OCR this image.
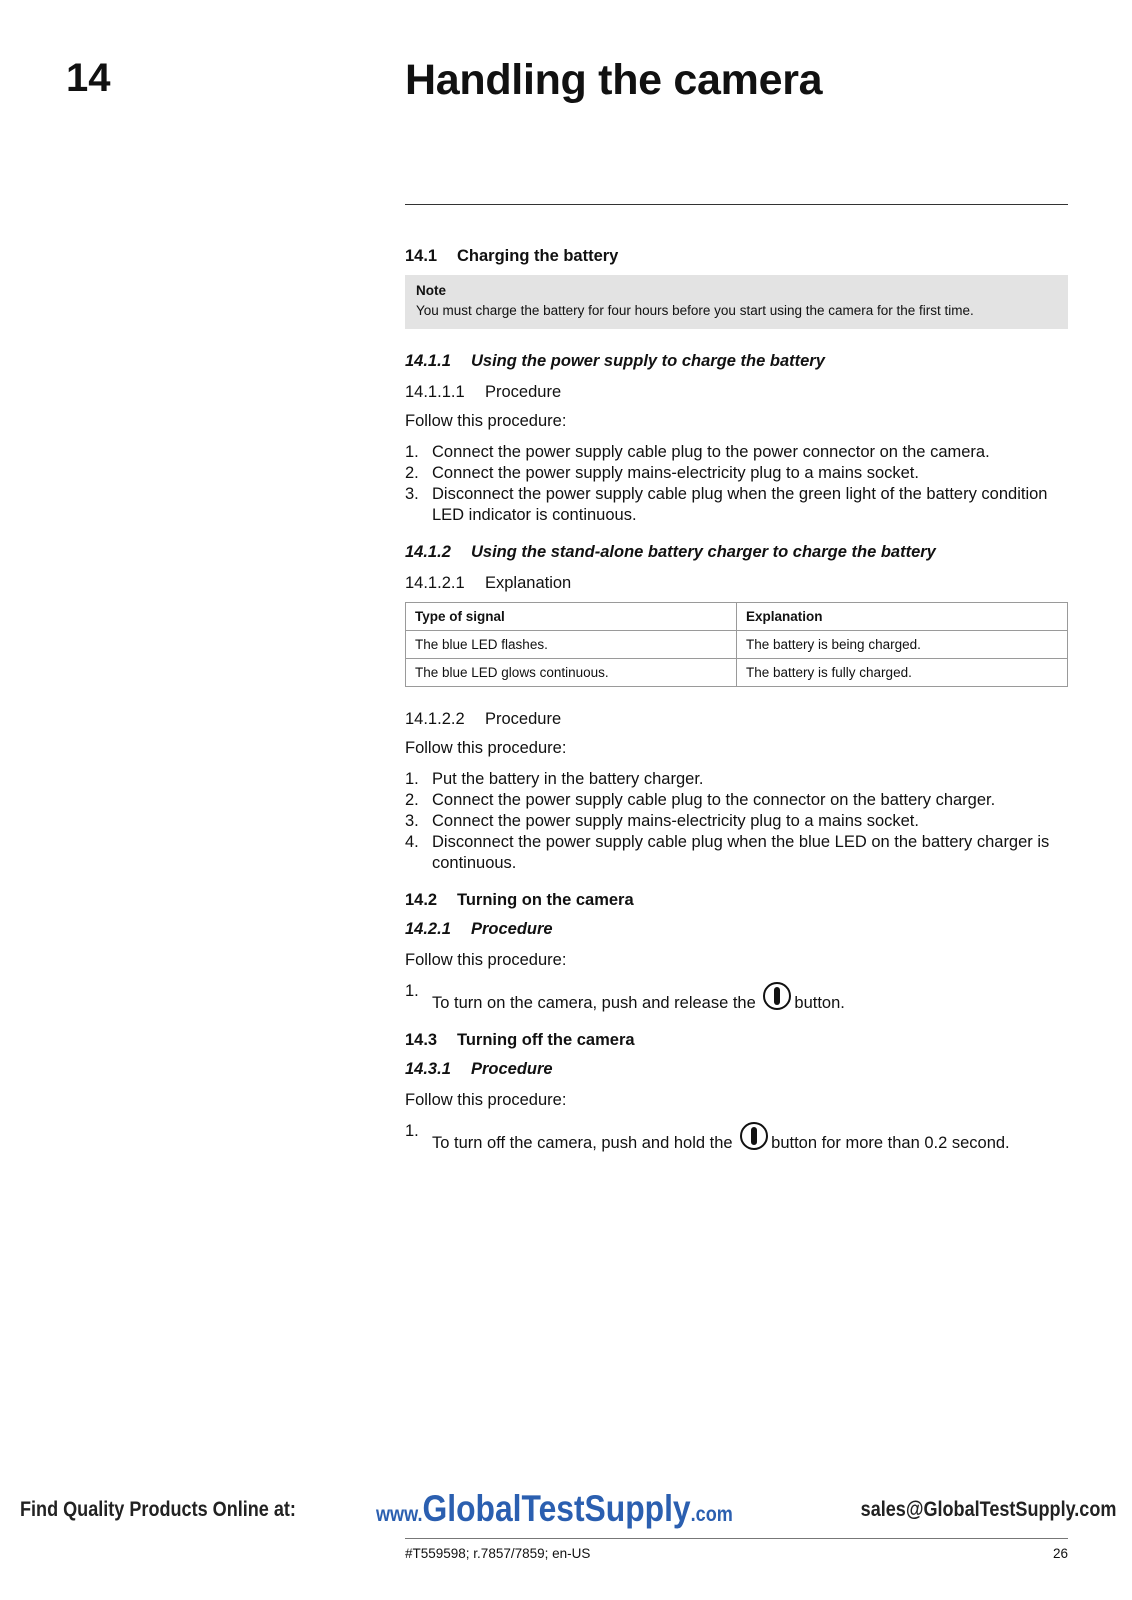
14	Handling the camera
14.1 Charging the battery
Note
You must charge the battery for four hours before you start using the camera for the first time.
14.1.1 Using the power supply to charge the battery
14.1.1.1 Procedure

Follow this procedure:

1. Connect the power supply cable plug to the power connector on the camera.
2. Connect the power supply mains-electricity plug to a mains socket.
3. Disconnect the power supply cable plug when the green light of the battery condition LED indicator is continuous.
14.1.2 Using the stand-alone battery charger to charge the battery
14.1.2.1 Explanation
Type of signal	Explanation
The blue LED flashes.	The battery is being charged.
The blue LED glows continuous.	The battery is fully charged.
14.1.2.2 Procedure

Follow this procedure:

1. Put the battery in the battery charger.
2. Connect the power supply cable plug to the connector on the battery charger.
3. Connect the power supply mains-electricity plug to a mains socket.
4. Disconnect the power supply cable plug when the blue LED on the battery charger is continuous.
14.2 Turning on the camera
14.2.1 Procedure

Follow this procedure:

1.
To turn on the camera, push and release the button.
14.3 Turning off the camera
14.3.1 Procedure

Follow this procedure:

1.
To turn off the camera, push and hold the button for more than 0.2 second.
Find Quality Products Online at:	www.GlobalTestSupply.com	sales@GlobalTestSupply.com
#T559598; r.7857/7859; en-US	26
